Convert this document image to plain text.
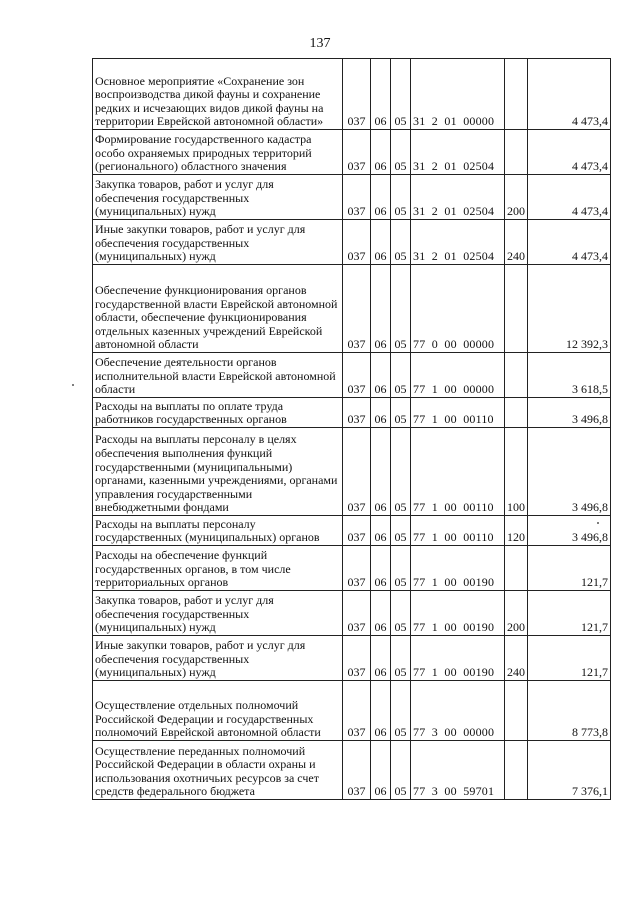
137
Основное мероприятие «Сохранение зон воспроизводства дикой фауны и сохранение редких и исчезающих видов дикой фауны на территории Еврейской автономной области»	037	06	05	31  2  01  00000		4 473,4
Формирование государственного кадастра особо охраняемых природных территорий (регионального) областного значения	037	06	05	31  2  01  02504		4 473,4
Закупка товаров, работ и услуг для обеспечения государственных (муниципальных) нужд	037	06	05	31  2  01  02504	200	4 473,4
Иные закупки товаров, работ и услуг для обеспечения государственных (муниципальных) нужд	037	06	05	31  2  01  02504	240	4 473,4
Обеспечение функционирования органов государственной власти Еврейской автономной области, обеспечение функционирования отдельных казенных учреждений Еврейской автономной области	037	06	05	77  0  00  00000		12 392,3
Обеспечение деятельности органов исполнительной власти Еврейской автономной области	037	06	05	77  1  00  00000		3 618,5
Расходы на выплаты по оплате труда работников государственных органов	037	06	05	77  1  00  00110		3 496,8
Расходы на выплаты персоналу в целях обеспечения выполнения функций государственными (муниципальными) органами, казенными учреждениями, органами управления государственными внебюджетными фондами	037	06	05	77  1  00  00110	100	3 496,8
Расходы на выплаты персоналу государственных (муниципальных) органов	037	06	05	77  1  00  00110	120	3 496,8
Расходы на обеспечение функций государственных органов, в том числе территориальных органов	037	06	05	77  1  00  00190		121,7
Закупка товаров, работ и услуг для обеспечения государственных (муниципальных) нужд	037	06	05	77  1  00  00190	200	121,7
Иные закупки товаров, работ и услуг для обеспечения государственных (муниципальных) нужд	037	06	05	77  1  00  00190	240	121,7
Осуществление отдельных полномочий Российской Федерации и государственных полномочий Еврейской автономной области	037	06	05	77  3  00  00000		8 773,8
Осуществление переданных полномочий Российской Федерации в области охраны и использования охотничьих ресурсов за счет средств федерального бюджета	037	06	05	77  3  00  59701		7 376,1
